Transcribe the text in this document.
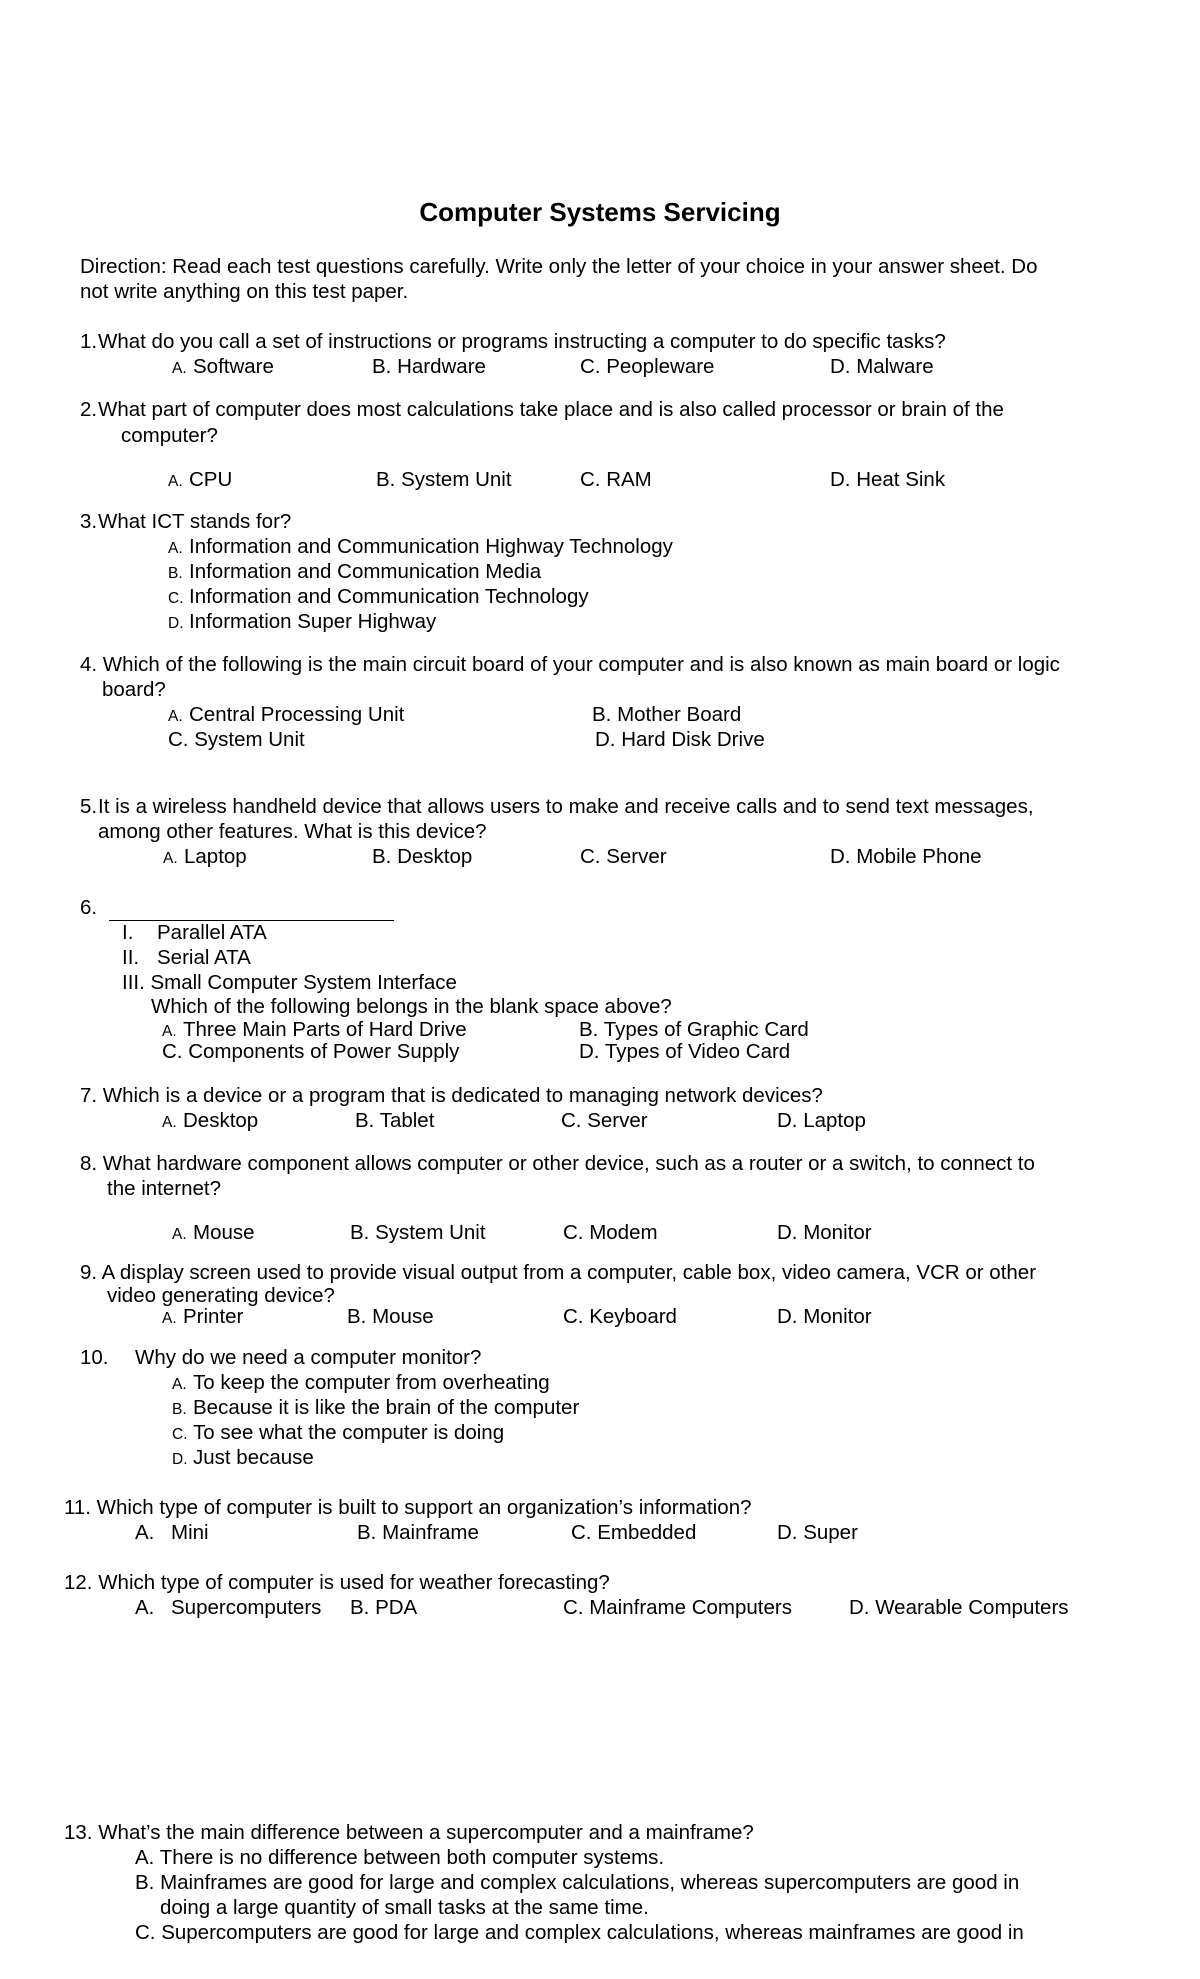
Computer Systems Servicing
Direction: Read each test questions carefully. Write only the letter of your choice in your answer sheet. Do
not write anything on this test paper.
1. What do you call a set of instructions or programs instructing a computer to do specific tasks?
A. Software	B. Hardware	C. Peopleware	D. Malware
2. What part of computer does most calculations take place and is also called processor or brain of the
computer?
A. CPU	B. System Unit	C. RAM	D. Heat Sink
3. What ICT stands for?
A. Information and Communication Highway Technology
B. Information and Communication Media
C. Information and Communication Technology
D. Information Super Highway
4. Which of the following is the main circuit board of your computer and is also known as main board or logic
board?
A. Central Processing Unit	B. Mother Board
C. System Unit	D. Hard Disk Drive
5. It is a wireless handheld device that allows users to make and receive calls and to send text messages,
among other features. What is this device?
A. Laptop	B. Desktop	C. Server	D. Mobile Phone
6.
I. Parallel ATA
II. Serial ATA
III. Small Computer System Interface
Which of the following belongs in the blank space above?
A. Three Main Parts of Hard Drive	B. Types of Graphic Card
C. Components of Power Supply	D. Types of Video Card
7. Which is a device or a program that is dedicated to managing network devices?
A. Desktop	B. Tablet	C. Server	D. Laptop
8. What hardware component allows computer or other device, such as a router or a switch, to connect to
the internet?
A. Mouse	B. System Unit	C. Modem	D. Monitor
9. A display screen used to provide visual output from a computer, cable box, video camera, VCR or other
video generating device?
A. Printer	B. Mouse	C. Keyboard	D. Monitor
10. Why do we need a computer monitor?
A. To keep the computer from overheating
B. Because it is like the brain of the computer
C. To see what the computer is doing
D. Just because
11. Which type of computer is built to support an organization’s information?
A. Mini	B. Mainframe	C. Embedded	D. Super
12. Which type of computer is used for weather forecasting?
A. Supercomputers B. PDA	C. Mainframe Computers	D. Wearable Computers
13. What’s the main difference between a supercomputer and a mainframe?
A. There is no difference between both computer systems.
B. Mainframes are good for large and complex calculations, whereas supercomputers are good in
doing a large quantity of small tasks at the same time.
C. Supercomputers are good for large and complex calculations, whereas mainframes are good in
